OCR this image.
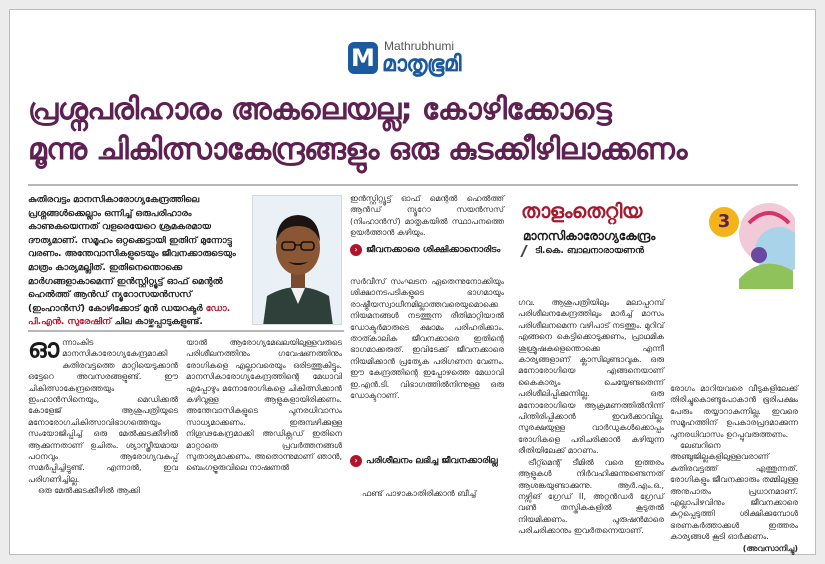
M Mathrubhumi
മാതൃഭൂമി
പ്രശ്നപരിഹാരം അകലെയല്ല; കോഴിക്കോട്ടെ
മൂന്നു ചികിത്സാകേന്ദ്രങ്ങളും ഒരു കുടക്കീഴിലാക്കണം
കുതിരവട്ടം മാനസികാരോഗ്യകേന്ദ്രത്തിലെ പ്രശ്നങ്ങൾക്കെല്ലാം ഒന്നിച്ച് ഒരുപരിഹാരം കാണുകയെന്നത് വളരെയേറെ ശ്രമകരമായ ദൗത്യമാണ്. സമൂഹം ഒറ്റക്കെട്ടായി ഇതിന് മുന്നോട്ടു വരണം. അന്തേവാസികളുടെയും ജീവനക്കാരുടെയും മാത്രം കാര്യമല്ലിത്. ഇതിനെന്തൊക്കെ മാർഗങ്ങളാകാമെന്ന് ഇൻസ്റ്റിറ്റ്യൂട്ട് ഓഫ് മെന്റൽ ഹെൽത്ത് ആൻഡ് ന്യൂറോസയൻസസ് (ഇംഹാൻസ്) കോഴിക്കോട് മുൻ ഡയറക്ടർ ഡോ. പി.എൻ. സുരേഷിന് ചില കാഴ്ചപ്പാടുകളുണ്ട്.
ഓ ന്നാംകിട മാനസികാരോഗ്യകേന്ദ്രമാക്കി കുതിരവട്ടത്തെ മാറ്റിയെടുക്കാൻ ഒട്ടേറെ അവസരങ്ങളുണ്ട്. ഈ ചികിത്സാകേന്ദ്രത്തെയും ഇംഹാൻസിനെയും, മെഡിക്കൽ കോളേജ് ആശുപത്രിയുടെ മനോരോഗചികിത്സാവിഭാഗത്തെയും സംയോജിപ്പിച്ച് ഒരു മേൽക്കുടക്കീഴിൽ ആക്കുന്നതാണ് ഉചിതം. ശ്യാസ്ത്രീയമായ പഠനവും ആരോഗ്യവകുപ്പ് സമർപ്പിച്ചിട്ടുണ്ട്. എന്നാൽ, ഇവ പരിഗണിച്ചില്ല.
ഒരു മേൽക്കുടക്കീഴിൽ ആക്കി
യാൽ ആരോഗ്യമേഖലയിലുള്ളവരുടെ പരിശീലനത്തിനും ഗവേഷണത്തിനും രോഗികളെ എല്ലാവരെയും ഒരിടത്തുകിട്ടും. മാനസികാരോഗ്യകേന്ദ്രത്തിന്റെ മേധാവി എപ്പോഴും മനോരോഗികളെ ചികിത്സിക്കാൻ കഴിവുള്ള ആളുകളായിരിക്കണം. അന്തേവാസികളുടെ പുനരധിവാസം സാധ്യമാക്കണം. ഇരുമ്പഴിക്കുള്ള നിഗൂഢകേന്ദ്രമാക്കി അഡിക്റ്റഡ് ഇതിനെ മാറ്റാതെ പ്രവർത്തനങ്ങൾ സുതാര്യമാക്കണം. അതൊന്നുമാണ് ഞാൻ, ബെംഗളൂരുവിലെ നാഷണൽ
ഇൻസ്റ്റിറ്റ്യൂട്ട് ഓഫ് മെന്റൽ ഹെൽത്ത് ആൻഡ് ന്യൂറോ സയൻസസ് (നിംഹാൻസ്) മാതൃകയിൽ സ്ഥാപനത്തെ ഉയർത്താൻ കഴിയും.
› ജീവനക്കാരെ ശിക്ഷിക്കാനൊരിടം
സർവീസ് സംഘടന ഏതെന്നുനോക്കിയും ശിക്ഷാനടപടികളുടെ ഭാഗമായും രാഷ്ട്രീയസ്വാധീനമില്ലാത്തവരെയുമൊക്കെ നിയമനങ്ങൾ നടത്തുന്ന രീതിമാറ്റിയാൽ ഡോക്ടർമാരുടെ ക്ഷാമം പരിഹരിക്കാം. താത്കാലിക ജീവനക്കാരെ ഇതിന്റെ ഭാഗമാക്കരുത്. ഇവിടേക്ക് ജീവനക്കാരെ നിയമിക്കാൻ പ്രത്യേക പരിഗണന വേണം. ഈ കേന്ദ്രത്തിന്റെ ഇപ്പോഴത്തെ മേധാവി ഇ.എൻ.ടി. വിഭാഗത്തിൽനിന്നുള്ള ഒരു ഡോക്ടറാണ്.
› പരിശീലനം ലഭിച്ച ജീവനക്കാരില്ല
ഫണ്ട് പാഴാകാതിരിക്കാൻ ബീച്ച്
താളംതെറ്റിയ
മാനസികാരോഗ്യകേന്ദ്രം
ടി.കെ. ബാലനാരായണൻ
3
ഗവ. ആശുപത്രിയിലും മലാപ്പറമ്പ് പരിശീലനകേന്ദ്രത്തിലും മാർച്ച് മാസം പരിശീലനമെന്ന വഴിപാട് നടത്തും. മുറിവ് എങ്ങനെ കെട്ടിക്കൊടുക്കണം, പ്രാഥമിക ശുശ്രൂഷകളെന്തൊക്കെ എന്നീ കാര്യങ്ങളാണ് ക്ലാസിലുണ്ടാവുക. ഒരു മനോരോഗിയെ എങ്ങനെയാണ് കൈകാര്യം ചെയ്യേണ്ടതെന്ന് പരിശീലിപ്പിക്കുന്നില്ല. ഒരു മനോരോഗിയെ ആക്രമണത്തിൽനിന്ന് പിന്തിരിപ്പിക്കാൻ ഇവർക്കാവില്ല. സുരക്ഷയുള്ള വാർഡുകൾക്കൊപ്പം രോഗികളെ പരിചരിക്കാൻ കഴിയുന്ന രീതിയിലേക്ക് മാറണം.
ട്രീറ്റ്മെന്റ് ടീമിൽ വരെ ഇത്തരം ആളുകൾ നിർവഹിക്കുന്നുണ്ടെന്നത് ആശങ്കയുണ്ടാക്കുന്നു. ആർ.എം.ഒ., നഴ്സിങ് ഗ്രേഡ് II, അറ്റൻഡർ ഗ്രേഡ് വൺ തസ്തികകളിൽ കൂടുതൽ നിയമിക്കണം. പുരുഷൻമാരെ പരിചരിക്കാനും ഇവർതന്നെയാണ്.
രോഗം മാറിയവരെ വീടുകളിലേക്ക് തിരിച്ചുകൊണ്ടുപോകാൻ ഭൂരിപക്ഷം പേരും തയ്യാറാകുന്നില്ല. ഇവരെ സമൂഹത്തിന് ഉപകാരപ്രദമാക്കുന്ന പുനരധിവാസം ഉറപ്പുവരുത്തണം.
ലേബറിനെ അഞ്ചുജില്ലകളിലുള്ളവരാണ് കുതിരവട്ടത്ത് എത്തുന്നത്. രോഗികളും ജീവനക്കാരും തമ്മിലുള്ള അനുപാതം പ്രധാനമാണ്. എല്ലാപിഴവിനും ജീവനക്കാരെ കുറ്റപ്പെടുത്തി ശിക്ഷിക്കുമ്പോൾ ഭരണകർത്താക്കൾ ഇത്തരം കാര്യങ്ങൾ കൂടി ഓർക്കണം.
(അവസാനിച്ചു)
